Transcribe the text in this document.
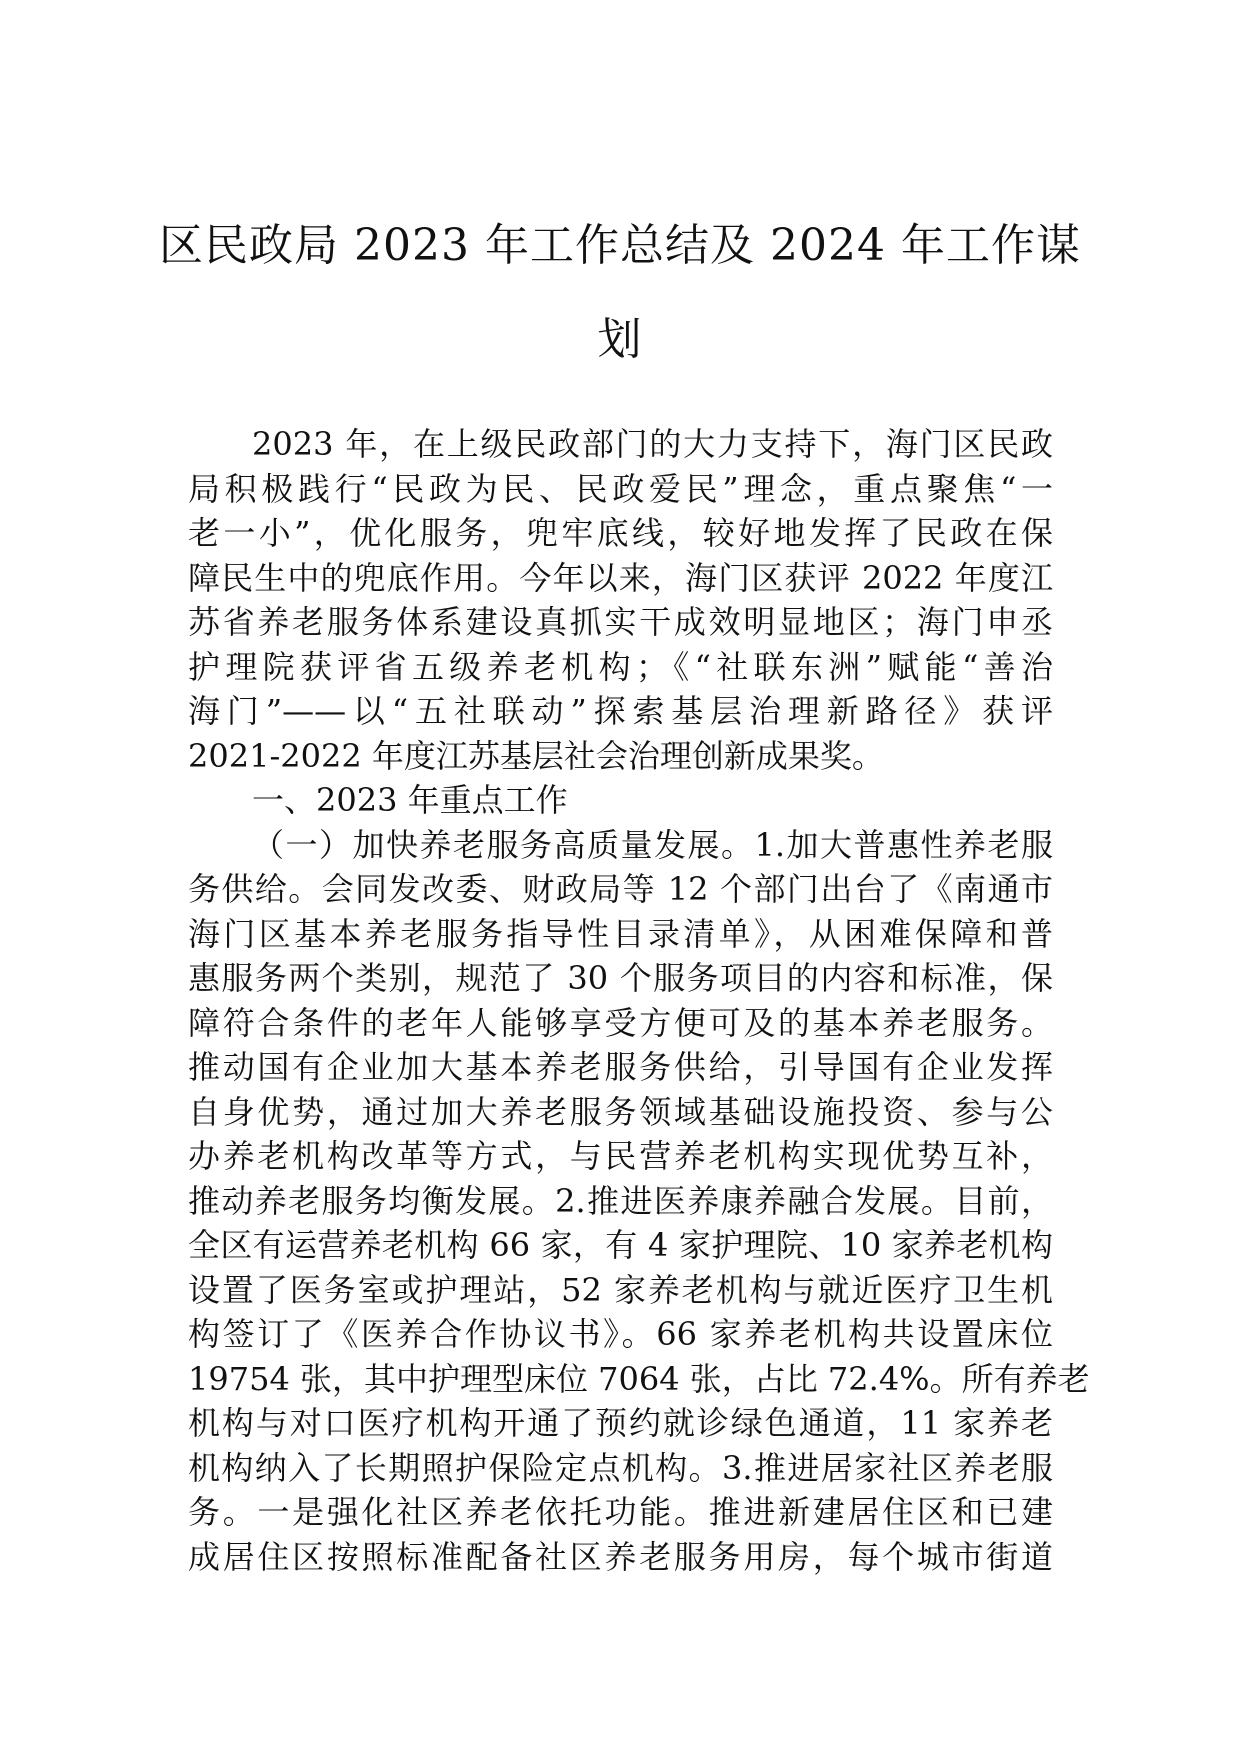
区民政局 2023 年工作总结及 2024 年工作谋
划
2023 年，在上级民政部门的大力支持下，海门区民政
局积极践行“民政为民、民政爱民”理念，重点聚焦“一
老一小”，优化服务，兜牢底线，较好地发挥了民政在保
障民生中的兜底作用。今年以来，海门区获评 2022 年度江
苏省养老服务体系建设真抓实干成效明显地区；海门申丞
护理院获评省五级养老机构；《“社联东洲”赋能“善治
海门”——以“五社联动”探索基层治理新路径》获评
2021-2022 年度江苏基层社会治理创新成果奖。
一、2023 年重点工作
（一）加快养老服务高质量发展。1.加大普惠性养老服
务供给。会同发改委、财政局等 12 个部门出台了《南通市
海门区基本养老服务指导性目录清单》，从困难保障和普
惠服务两个类别，规范了 30 个服务项目的内容和标准，保
障符合条件的老年人能够享受方便可及的基本养老服务。
推动国有企业加大基本养老服务供给，引导国有企业发挥
自身优势，通过加大养老服务领域基础设施投资、参与公
办养老机构改革等方式，与民营养老机构实现优势互补，
推动养老服务均衡发展。2.推进医养康养融合发展。目前，
全区有运营养老机构 66 家，有 4 家护理院、10 家养老机构
设置了医务室或护理站，52 家养老机构与就近医疗卫生机
构签订了《医养合作协议书》。66 家养老机构共设置床位
19754 张，其中护理型床位 7064 张，占比 72.4%。所有养老
机构与对口医疗机构开通了预约就诊绿色通道，11 家养老
机构纳入了长期照护保险定点机构。3.推进居家社区养老服
务。一是强化社区养老依托功能。推进新建居住区和已建
成居住区按照标准配备社区养老服务用房，每个城市街道
